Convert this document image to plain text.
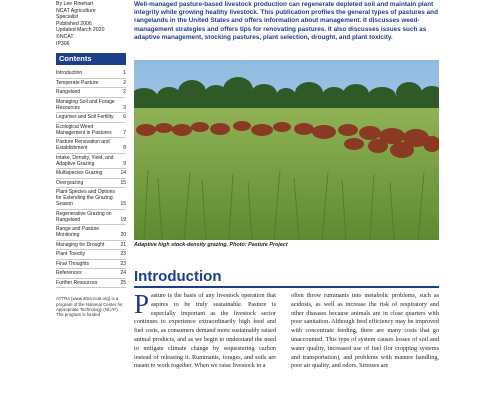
By Lee Rinehart
NCAT Agriculture
Specialist
Published 2006
Updated March 2020
©NCAT
IP306
Contents
Introduction	1
Temperate Pasture	2
Rangeland	2
Managing Soil and Forage Resources	3
Legumes and Soil Fertility	6
Ecological Weed Management in Pastures	7
Pasture Renovation and Establishment	8
Intake, Density, Yield, and Adaptive Grazing	9
Multispecies Grazing	14
Overgrazing	15
Plant Species and Options for Extending the Grazing Season	15
Regenerative Grazing on Rangeland	19
Range and Pasture Monitoring	20
Managing for Drought	21
Plant Toxicity	23
Final Thoughts	23
References	24
Further Resources	25
ATTRA (www.attra.ncat.org) is a program of the National Center for Appropriate Technology (NCAT). The program is funded
Well-managed pasture-based livestock production can regenerate depleted soil and maintain plant integrity while growing healthy livestock. This publication profiles the general types of pastures and rangelands in the United States and offers information about management. It discusses weed-management strategies and offers tips for renovating pastures. It also discusses issues such as adaptive management, stocking pastures, plant selection, drought, and plant toxicity.
Adaptive high stock-density grazing. Photo: Pasture Project
Introduction
Pasture is the basis of any livestock operation that aspires to be truly sustainable. Pasture is especially important as the livestock sector continues to experience extraordinarily high feed and fuel costs, as consumers demand more sustainably raised animal products, and as we begin to understand the need to mitigate climate change by sequestering carbon instead of releasing it. Ruminants, forages, and soils are meant to work together. When we raise livestock in a
often throw ruminants into metabolic problems, such as acidosis, as well as increase the risk of respiratory and other diseases because animals are in close quarters with poor sanitation. Although feed efficiency may be improved with concentrate feeding, there are many costs that go unaccounted. This type of system causes losses of soil and water quality, increased use of fuel (for cropping systems and transportation), and problems with manure handling, poor air quality, and odors. Stresses are
